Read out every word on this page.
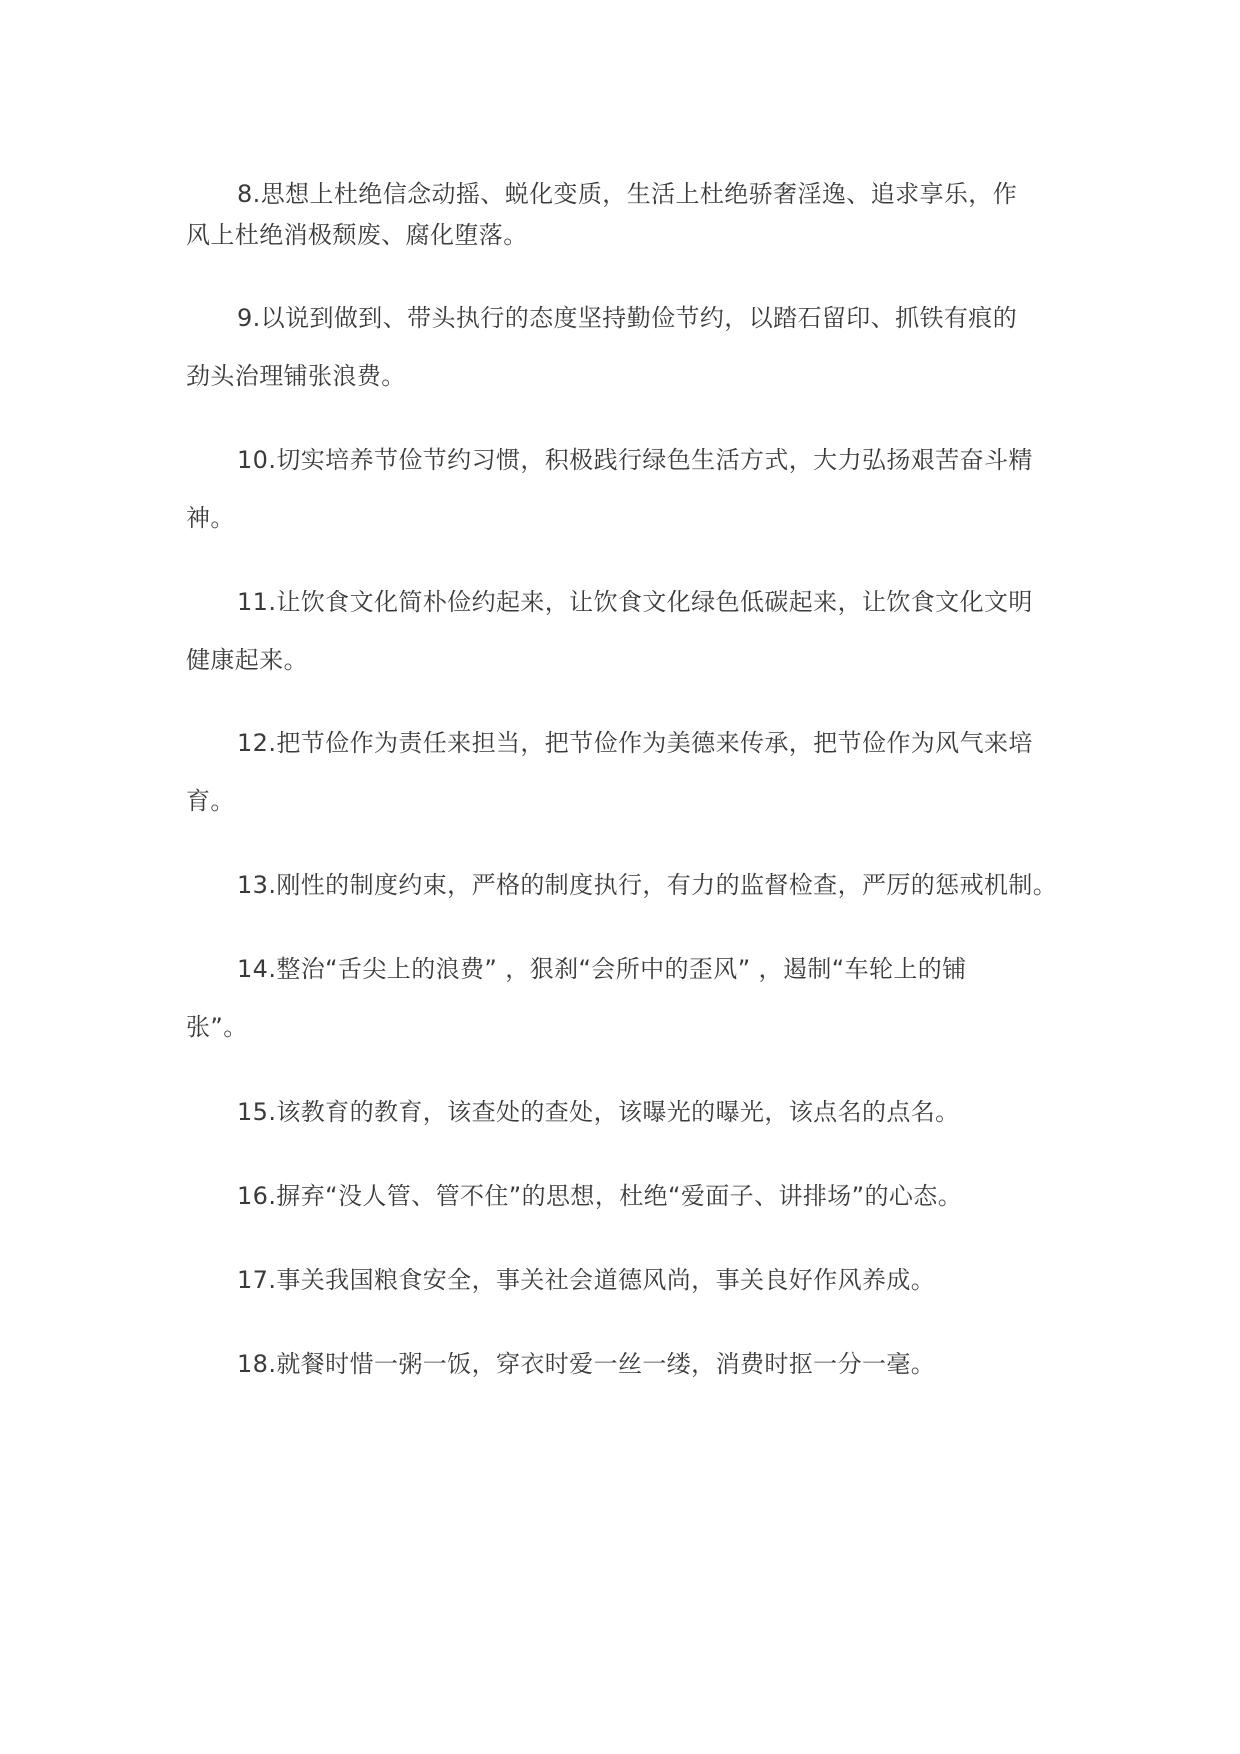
8.思想上杜绝信念动摇、蜕化变质，生活上杜绝骄奢淫逸、追求享乐，作
风上杜绝消极颓废、腐化堕落。
9.以说到做到、带头执行的态度坚持勤俭节约，以踏石留印、抓铁有痕的
劲头治理铺张浪费。
10.切实培养节俭节约习惯，积极践行绿色生活方式，大力弘扬艰苦奋斗精
神。
11.让饮食文化简朴俭约起来，让饮食文化绿色低碳起来，让饮食文化文明
健康起来。
12.把节俭作为责任来担当，把节俭作为美德来传承，把节俭作为风气来培
育。
13.刚性的制度约束，严格的制度执行，有力的监督检查，严厉的惩戒机制。
14.整治“舌尖上的浪费” ，狠刹“会所中的歪风” ，遏制“车轮上的铺
张”。
15.该教育的教育，该查处的查处，该曝光的曝光，该点名的点名。
16.摒弃“没人管、管不住”的思想，杜绝“爱面子、讲排场”的心态。
17.事关我国粮食安全，事关社会道德风尚，事关良好作风养成。
18.就餐时惜一粥一饭，穿衣时爱一丝一缕，消费时抠一分一毫。
